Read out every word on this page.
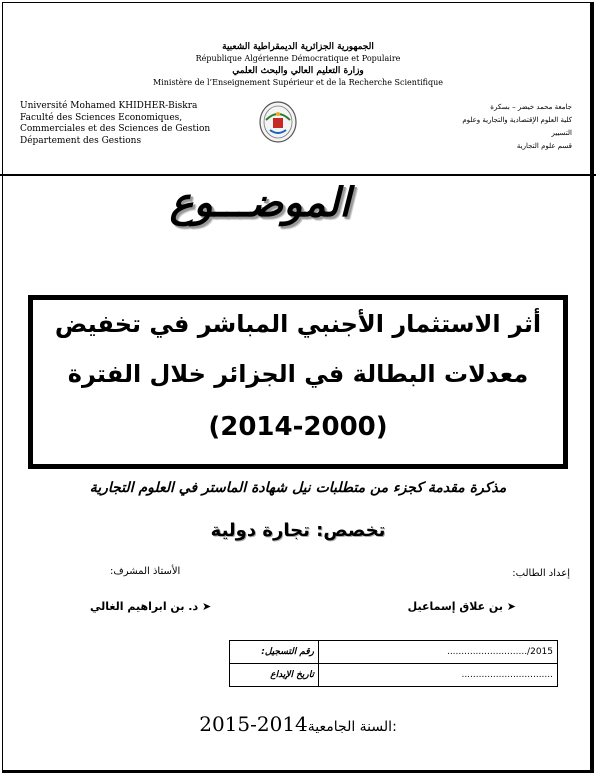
الجمهورية الجزائرية الديمقراطية الشعبية
République Algérienne Démocratique et Populaire
وزارة التعليم العالي والبحث العلمي
Ministère de l’Enseignement Supérieur et de la Recherche Scientifique
Université Mohamed KHIDHER-Biskra
Faculté des Sciences Economiques,
Commerciales et des Sciences de Gestion
Département des Gestions
جامعة محمد خيضر – بسكرة
كلية العلوم الإقتصادية والتجارية وعلوم التسيير
قسم علوم التجارية
الموضـــوع
أثر الاستثمار الأجنبي المباشر في تخفيض
معدلات البطالة في الجزائر خلال الفترة
(2014-2000)
مذكرة مقدمة كجزء من متطلبات نيل شهادة الماستر في العلوم التجارية
تخصص: تجارة دولية
إعداد الطالب:
الأستاذ المشرف:
➤ بن علاق إسماعيل
➤ د. بن ابراهيم الغالي
	رقم التسجيل:	............................/2015
	تاريخ الإيداع	................................
2015-2014السنة الجامعية:
